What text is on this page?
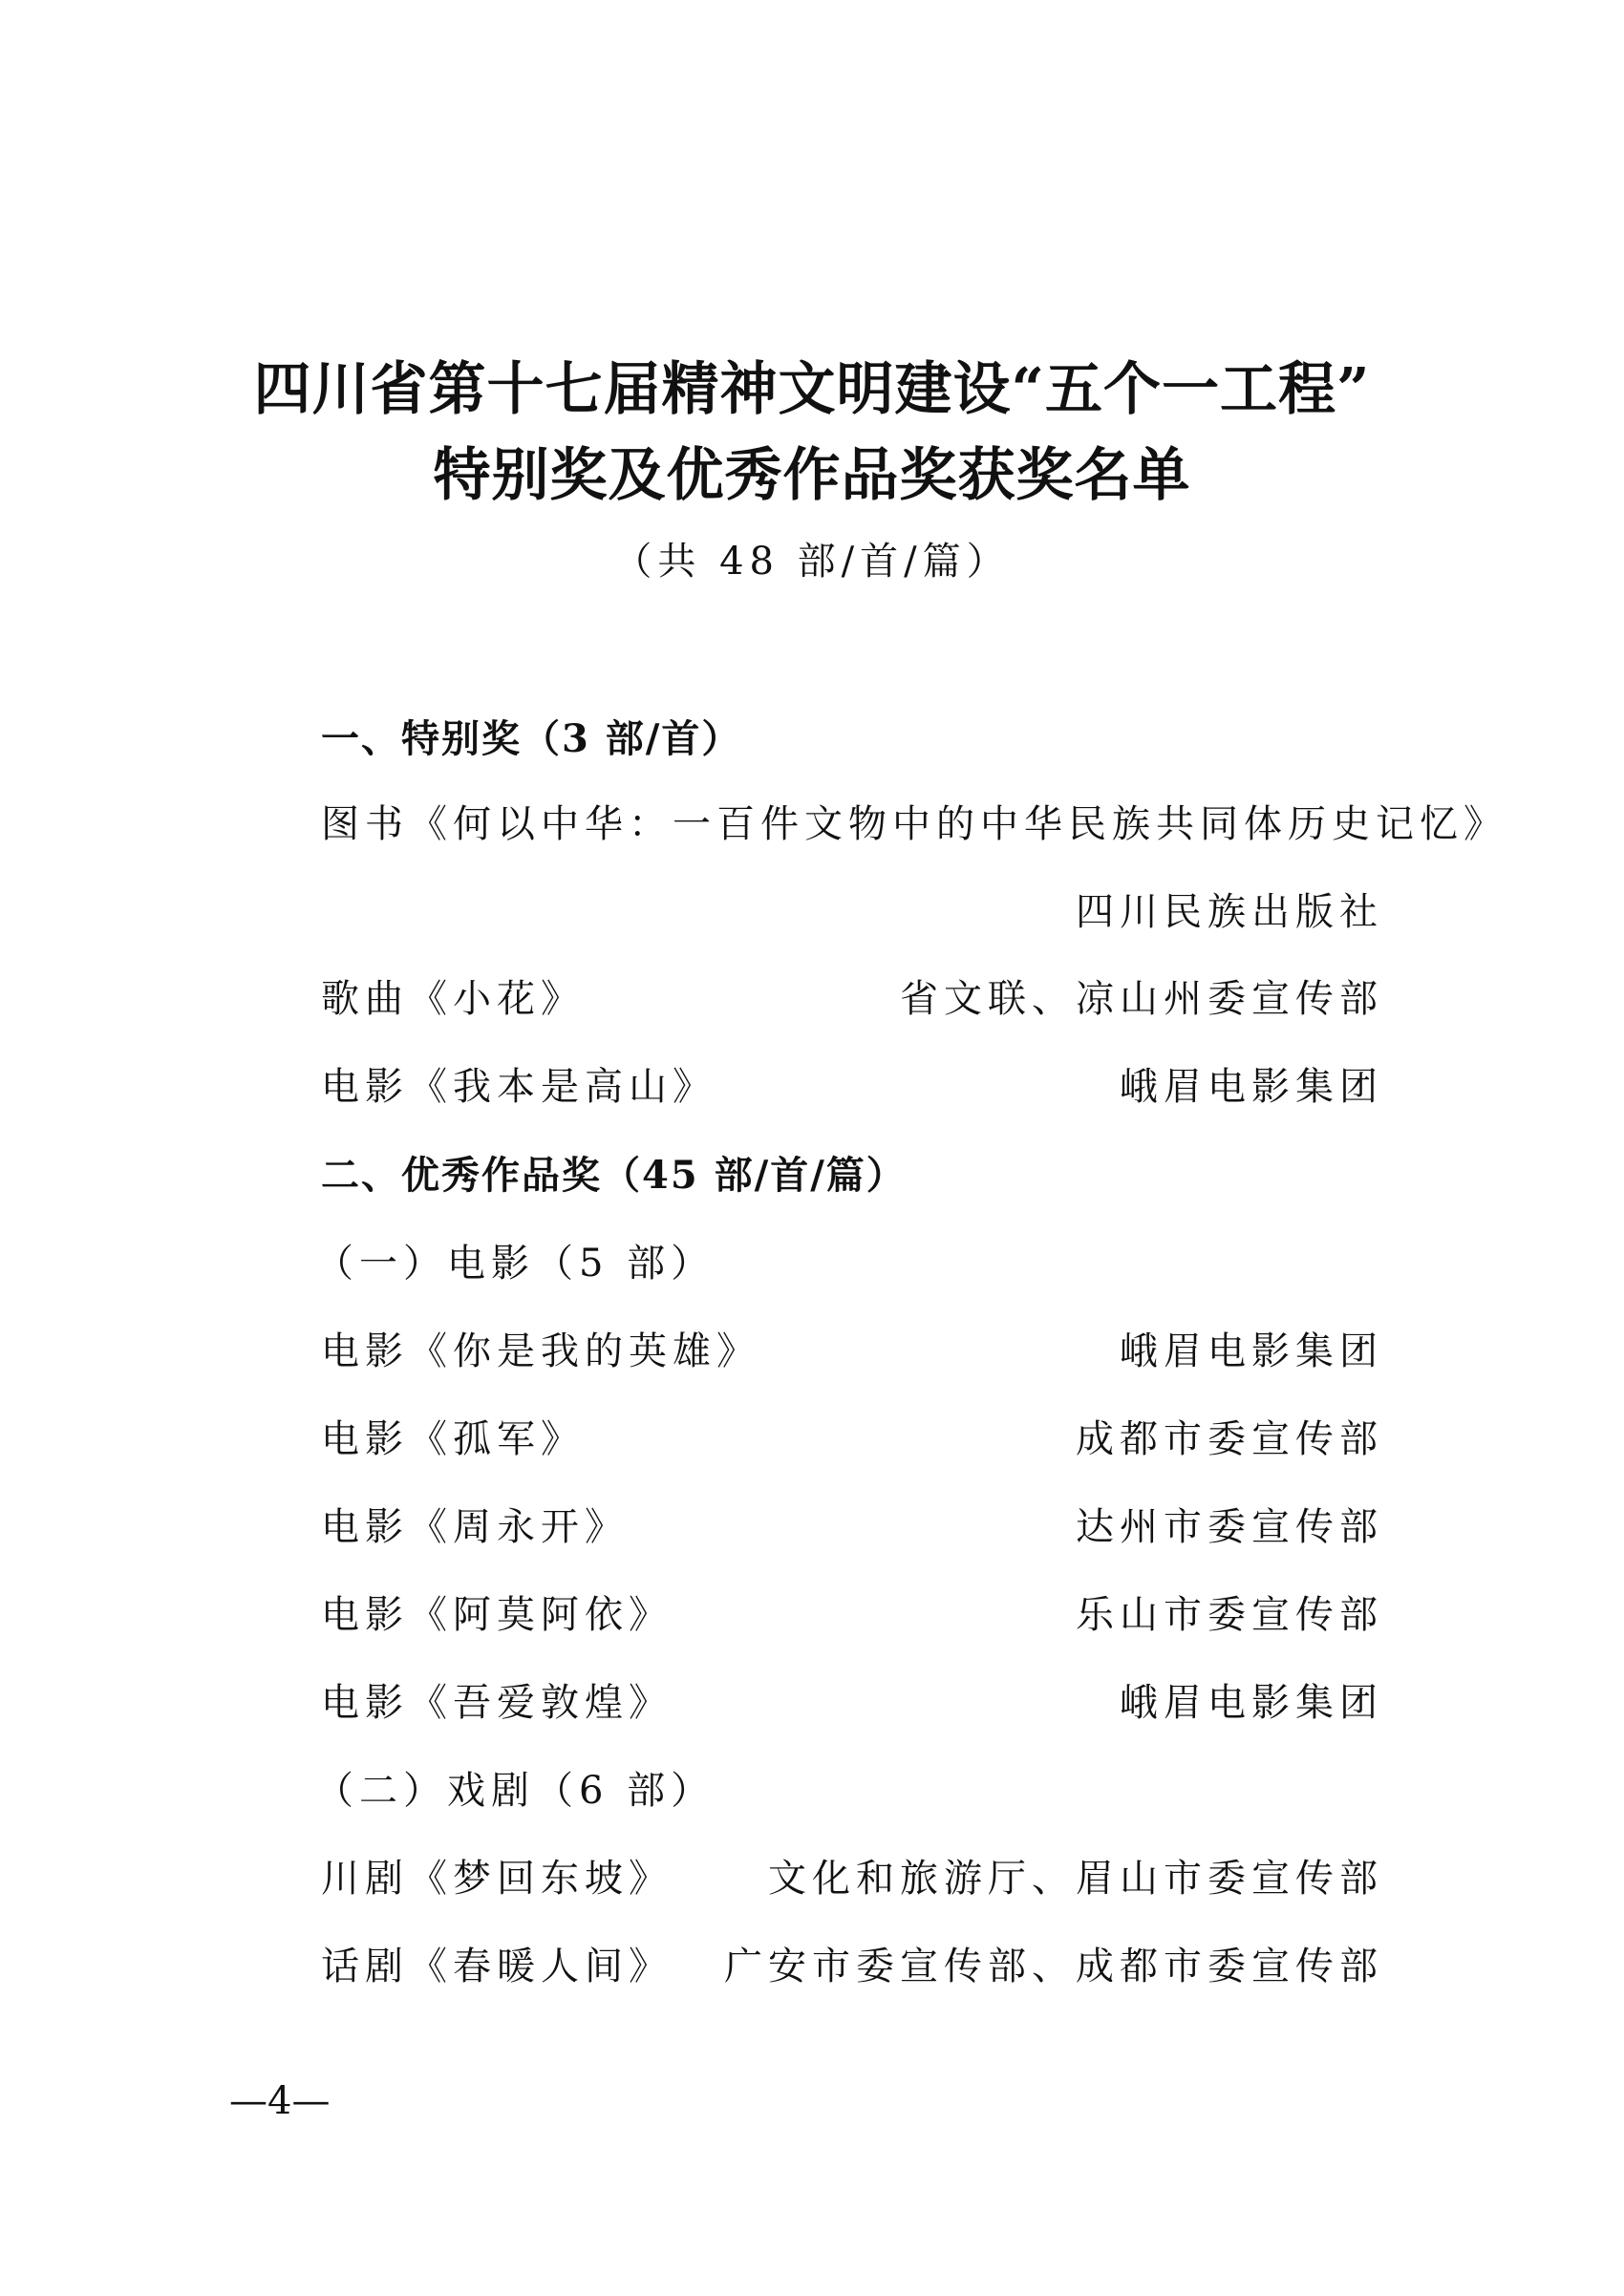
四川省第十七届精神文明建设“五个一工程”
特别奖及优秀作品奖获奖名单
（共 48 部/首/篇）
一、特别奖（3 部/首）
图书《何以中华：一百件文物中的中华民族共同体历史记忆》
四川民族出版社
歌曲《小花》	省文联、凉山州委宣传部
电影《我本是高山》	峨眉电影集团
二、优秀作品奖（45 部/首/篇）
（一）电影（5 部）
电影《你是我的英雄》	峨眉电影集团
电影《孤军》	成都市委宣传部
电影《周永开》	达州市委宣传部
电影《阿莫阿依》	乐山市委宣传部
电影《吾爱敦煌》	峨眉电影集团
（二）戏剧（6 部）
川剧《梦回东坡》	文化和旅游厅、眉山市委宣传部
话剧《春暖人间》 广安市委宣传部、成都市委宣传部
—4—
